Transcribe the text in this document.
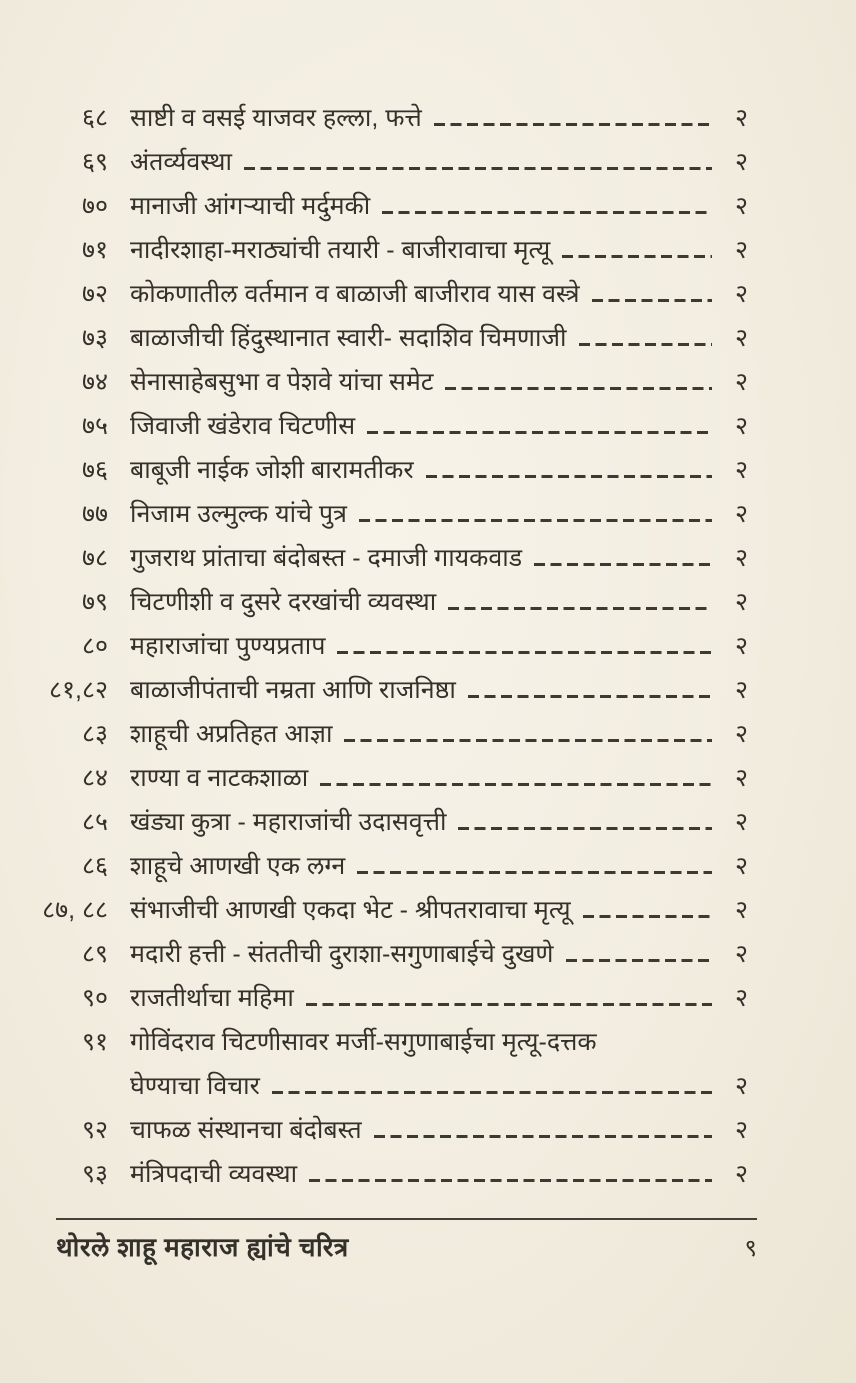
६८ साष्टी व वसई याजवर हल्ला, फत्ते	२
६९ अंतर्व्यवस्था	२
७० मानाजी आंगऱ्याची मर्दुमकी	२
७१ नादीरशाहा-मराठ्यांची तयारी - बाजीरावाचा मृत्यू	२
७२ कोकणातील वर्तमान व बाळाजी बाजीराव यास वस्त्रे	२
७३ बाळाजीची हिंदुस्थानात स्वारी- सदाशिव चिमणाजी	२
७४ सेनासाहेबसुभा व पेशवे यांचा समेट	२
७५ जिवाजी खंडेराव चिटणीस	२
७६ बाबूजी नाईक जोशी बारामतीकर	२
७७ निजाम उल्मुल्क यांचे पुत्र	२
७८ गुजराथ प्रांताचा बंदोबस्त - दमाजी गायकवाड	२
७९ चिटणीशी व दुसरे दरखांची व्यवस्था	२
८० महाराजांचा पुण्यप्रताप	२
८१,८२ बाळाजीपंताची नम्रता आणि राजनिष्ठा	२
८३ शाहूची अप्रतिहत आज्ञा	२
८४ राण्या व नाटकशाळा	२
८५ खंड्या कुत्रा - महाराजांची उदासवृत्ती	२
८६ शाहूचे आणखी एक लग्न	२
८७, ८८ संभाजीची आणखी एकदा भेट - श्रीपतरावाचा मृत्यू	२
८९ मदारी हत्ती - संततीची दुराशा-सगुणाबाईचे दुखणे	२
९० राजतीर्थाचा महिमा	२
९१ गोविंदराव चिटणीसावर मर्जी-सगुणाबाईचा मृत्यू-दत्तक
घेण्याचा विचार	२
९२ चाफळ संस्थानचा बंदोबस्त	२
९३ मंत्रिपदाची व्यवस्था	२
थोरले शाहू महाराज ह्यांचे चरित्र	९
